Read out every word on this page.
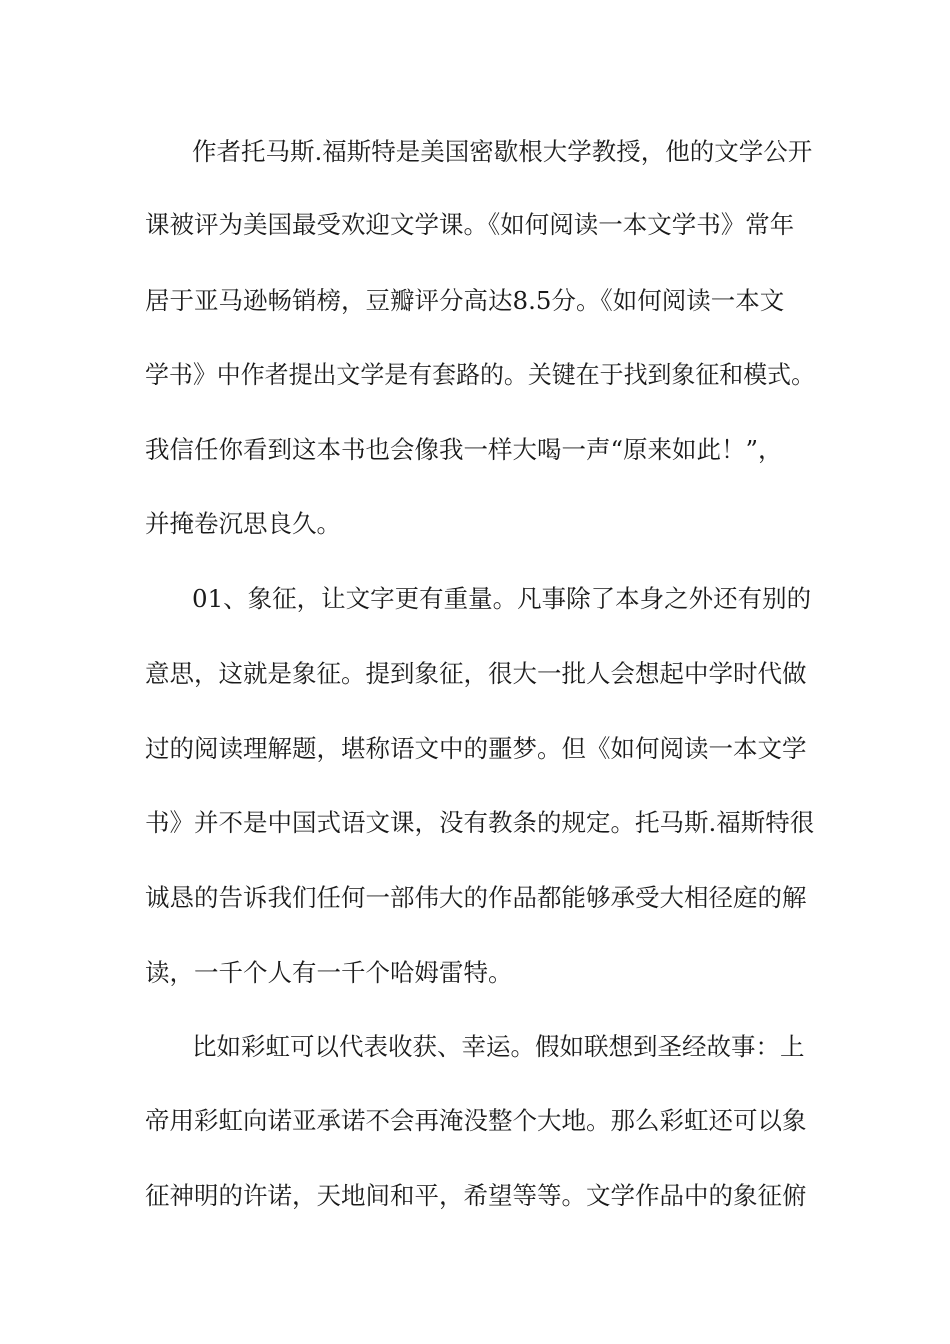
作者托马斯.福斯特是美国密歇根大学教授，他的文学公开
课被评为美国最受欢迎文学课。《如何阅读一本文学书》常年
居于亚马逊畅销榜，豆瓣评分高达8.5分。《如何阅读一本文
学书》中作者提出文学是有套路的。关键在于找到象征和模式。
我信任你看到这本书也会像我一样大喝一声“原来如此！”，
并掩卷沉思良久。
01、象征，让文字更有重量。凡事除了本身之外还有别的
意思，这就是象征。提到象征，很大一批人会想起中学时代做
过的阅读理解题，堪称语文中的噩梦。但《如何阅读一本文学
书》并不是中国式语文课，没有教条的规定。托马斯.福斯特很
诚恳的告诉我们任何一部伟大的作品都能够承受大相径庭的解
读，一千个人有一千个哈姆雷特。
比如彩虹可以代表收获、幸运。假如联想到圣经故事：上
帝用彩虹向诺亚承诺不会再淹没整个大地。那么彩虹还可以象
征神明的许诺，天地间和平，希望等等。文学作品中的象征俯
